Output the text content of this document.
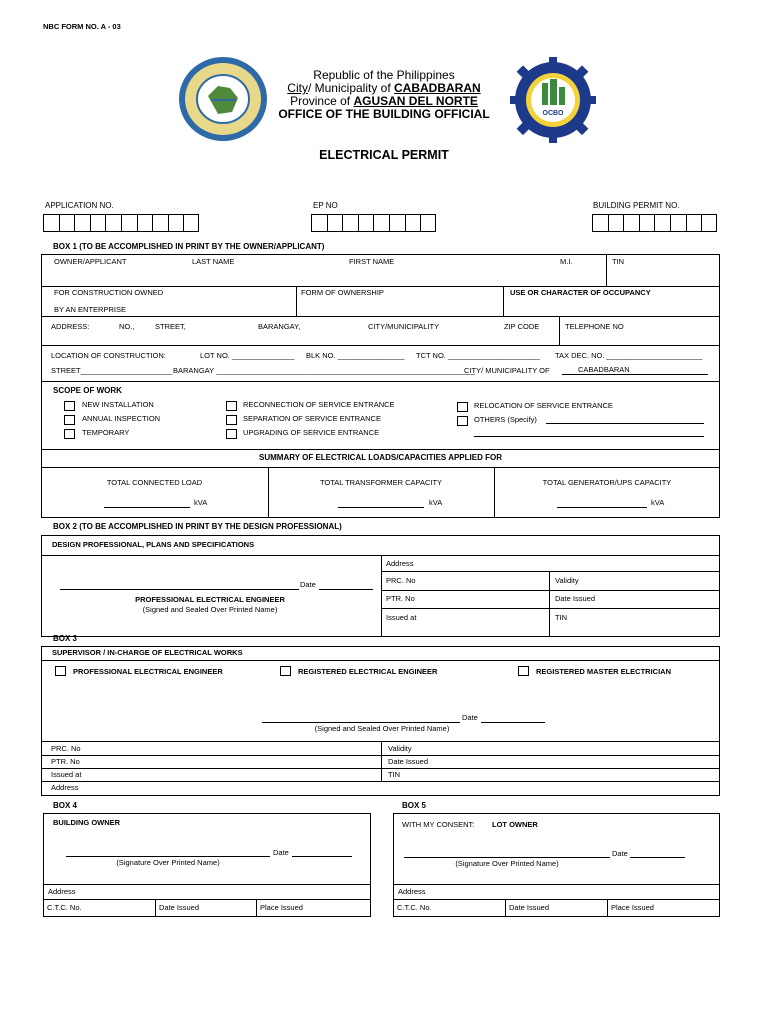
NBC FORM NO. A - 03
Republic of the Philippines
City/ Municipality of CABADBARAN
Province of AGUSAN DEL NORTE
OFFICE OF THE BUILDING OFFICIAL	OCBO
ELECTRICAL PERMIT
APPLICATION NO.	EP NO	BUILDING PERMIT NO.
BOX 1 (TO BE ACCOMPLISHED IN PRINT BY THE OWNER/APPLICANT)
OWNER/APPLICANT	LAST NAME	FIRST NAME	M.I.	TIN
FOR CONSTRUCTION OWNED
BY AN ENTERPRISE
FORM OF OWNERSHIP	USE OR CHARACTER OF OCCUPANCY
ADDRESS:	NO.,	STREET,	BARANGAY,	CITY/MUNICIPALITY	ZIP CODE	TELEPHONE NO
LOCATION OF CONSTRUCTION:	LOT NO. _______________ BLK NO. ________________ TCT NO. ______________________ TAX DEC. NO. _______________________
STREET______________________ BARANGAY ______________________________________________________________
CITY/ MUNICIPALITY OF	CABADBARAN
SCOPE OF WORK
NEW INSTALLATION
ANNUAL INSPECTION
TEMPORARY
RECONNECTION OF SERVICE ENTRANCE
SEPARATION OF SERVICE ENTRANCE
UPGRADING OF SERVICE ENTRANCE
RELOCATION OF SERVICE ENTRANCE
OTHERS (Specify)
SUMMARY OF ELECTRICAL LOADS/CAPACITIES APPLIED FOR
TOTAL CONNECTED LOAD
kVA
TOTAL TRANSFORMER CAPACITY
kVA
TOTAL GENERATOR/UPS CAPACITY
kVA
BOX 2 (TO BE ACCOMPLISHED IN PRINT BY THE DESIGN PROFESSIONAL)
DESIGN PROFESSIONAL, PLANS AND SPECIFICATIONS
Date
PROFESSIONAL ELECTRICAL ENGINEER
(Signed and Sealed Over Printed Name)
Address
PRC. No	Validity
PTR. No	Date Issued
Issued at	TIN
BOX 3
SUPERVISOR / IN-CHARGE OF ELECTRICAL WORKS
PROFESSIONAL ELECTRICAL ENGINEER	REGISTERED ELECTRICAL ENGINEER	REGISTERED MASTER ELECTRICIAN
Date
(Signed and Sealed Over Printed Name)
PRC. No	Validity
PTR. No	Date Issued
Issued at	TIN
Address
BOX 4
BUILDING OWNER
Date
(Signature Over Printed Name)
Address
C.T.C. No.	Date Issued	Place Issued
BOX 5
WITH MY CONSENT: LOT OWNER
Date
(Signature Over Printed Name)
Address
C.T.C. No.	Date Issued	Place Issued
